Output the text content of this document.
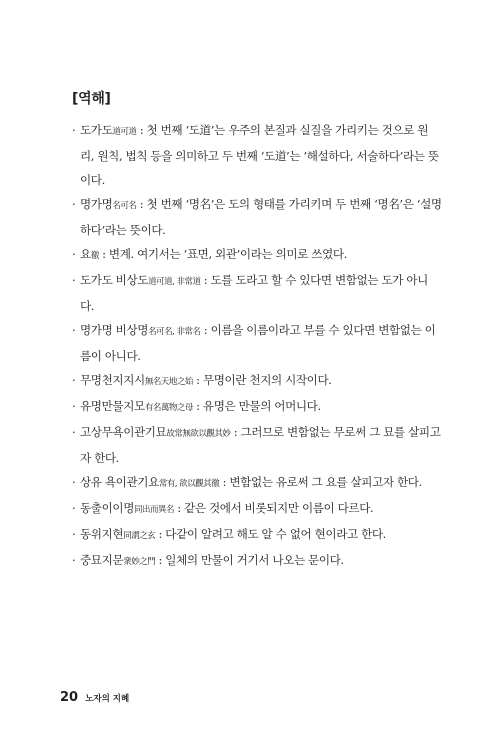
[역해]
· 도가도道可道 : 첫 번째 ‘도道’는 우주의 본질과 실질을 가리키는 것으로 원리, 원칙, 법칙 등을 의미하고 두 번째 ‘도道’는 ‘해설하다, 서술하다’라는 뜻이다.
· 명가명名可名 : 첫 번째 ‘명名’은 도의 형태를 가리키며 두 번째 ‘명名’은 ‘설명하다’라는 뜻이다.
· 요徼 : 변계. 여기서는 ‘표면, 외관’이라는 의미로 쓰였다.
· 도가도 비상도道可道, 非常道 : 도를 도라고 할 수 있다면 변함없는 도가 아니다.
· 명가명 비상명名可名, 非常名 : 이름을 이름이라고 부를 수 있다면 변함없는 이름이 아니다.
· 무명천지지시無名天地之始 : 무명이란 천지의 시작이다.
· 유명만물지모有名萬物之母 : 유명은 만물의 어머니다.
· 고상무욕이관기묘故常無欲以觀其妙 : 그러므로 변함없는 무로써 그 묘를 살피고자 한다.
· 상유 욕이관기요常有, 欲以觀其徼 : 변함없는 유로써 그 요를 살피고자 한다.
· 동출이이명同出而異名 : 같은 것에서 비롯되지만 이름이 다르다.
· 동위지현同謂之玄 : 다같이 알려고 해도 알 수 없어 현이라고 한다.
· 중묘지문衆妙之門 : 일체의 만물이 거기서 나오는 문이다.
20 노자의 지혜
